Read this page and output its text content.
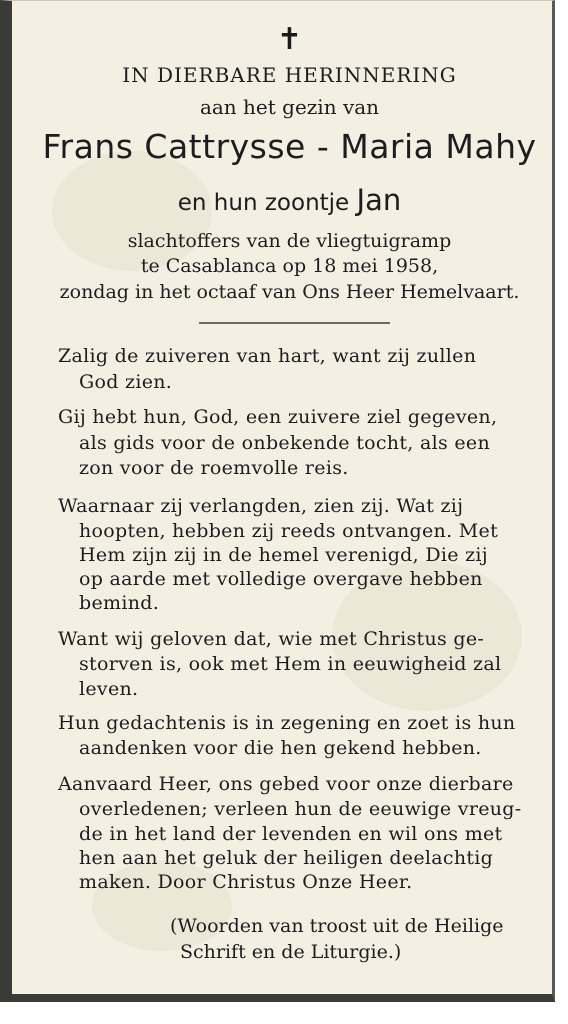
✝
IN DIERBARE HERINNERING
aan het gezin van
Frans Cattrysse - Maria Mahy
en hun zoontje Jan
slachtoffers van de vliegtuigramp
te Casablanca op 18 mei 1958,
zondag in het octaaf van Ons Heer Hemelvaart.
Zalig de zuiveren van hart, want zij zullen
God zien.
Gij hebt hun, God, een zuivere ziel gegeven,
als gids voor de onbekende tocht, als een
zon voor de roemvolle reis.
Waarnaar zij verlangden, zien zij. Wat zij
hoopten, hebben zij reeds ontvangen. Met
Hem zijn zij in de hemel verenigd, Die zij
op aarde met volledige overgave hebben
bemind.
Want wij geloven dat, wie met Christus ge-
storven is, ook met Hem in eeuwigheid zal
leven.
Hun gedachtenis is in zegening en zoet is hun
aandenken voor die hen gekend hebben.
Aanvaard Heer, ons gebed voor onze dierbare
overledenen; verleen hun de eeuwige vreug-
de in het land der levenden en wil ons met
hen aan het geluk der heiligen deelachtig
maken. Door Christus Onze Heer.
(Woorden van troost uit de Heilige
Schrift en de Liturgie.)
